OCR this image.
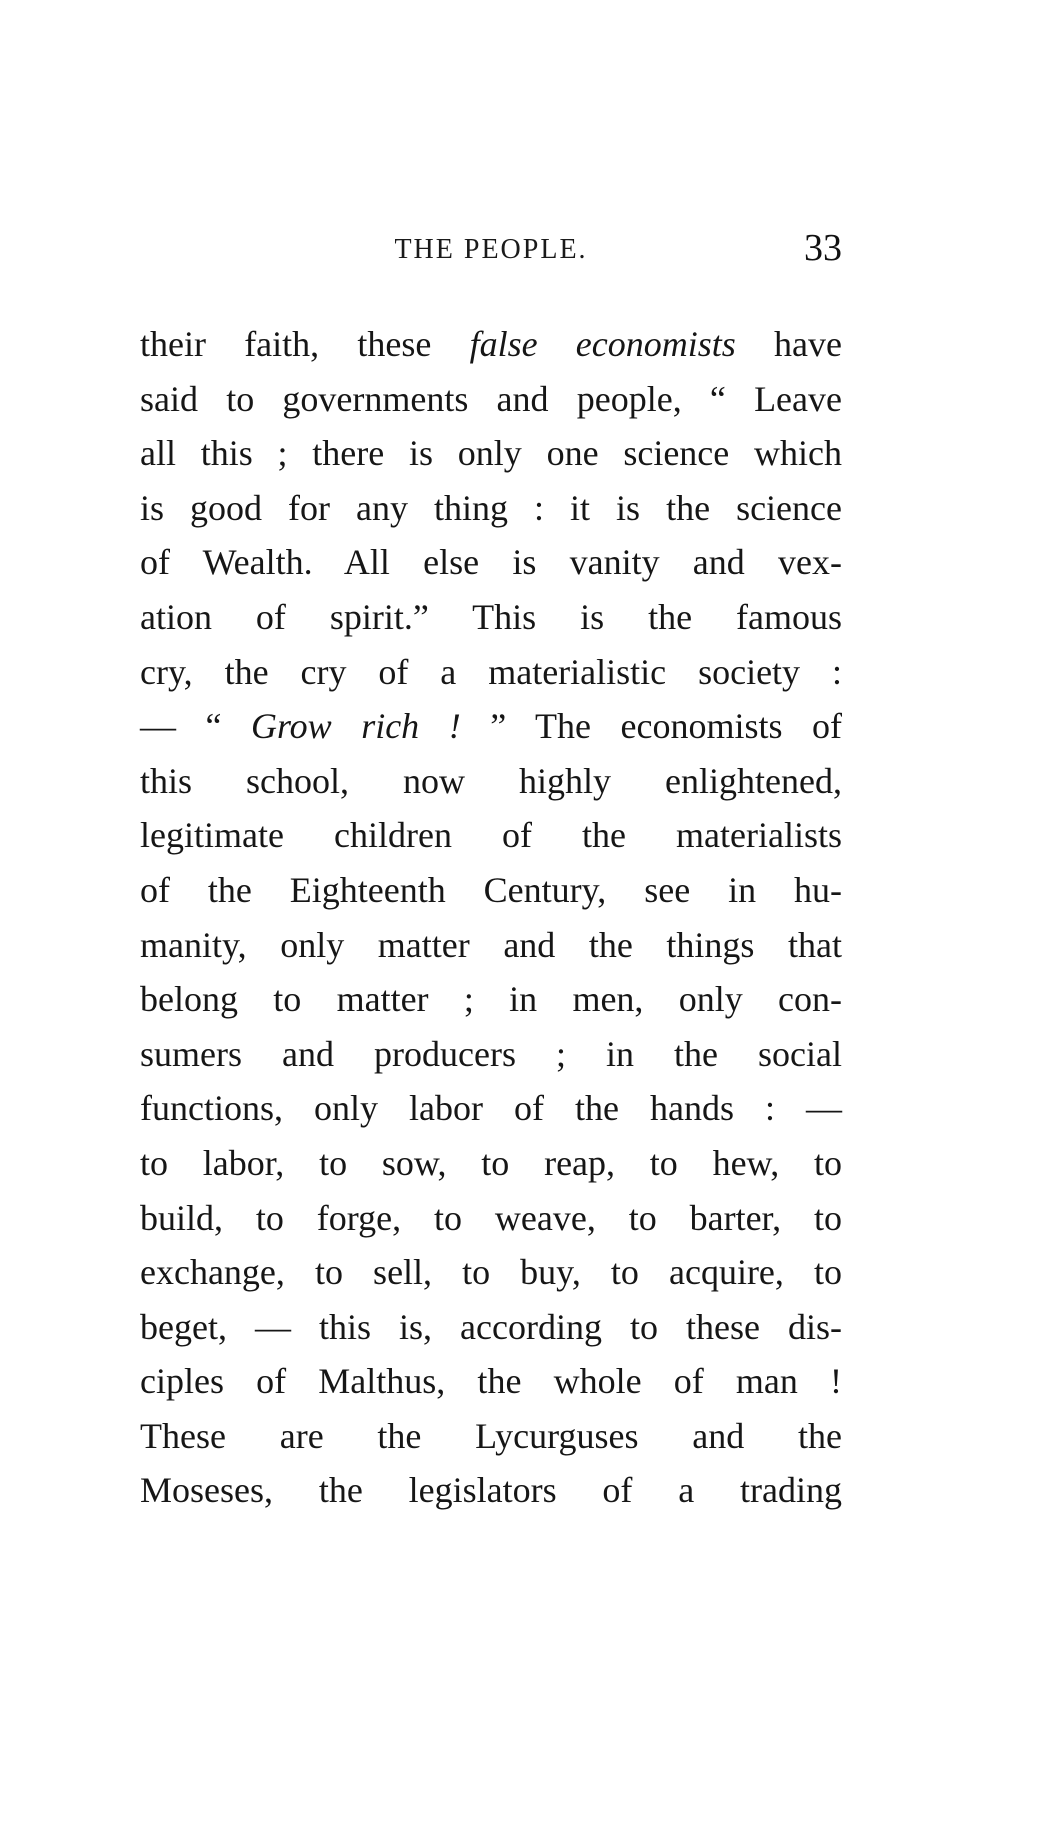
THE PEOPLE.	33
their faith, these false economists have
said to governments and people, “ Leave
all this ; there is only one science which
is good for any thing : it is the science
of Wealth. All else is vanity and vex-
ation of spirit.” This is the famous
cry, the cry of a materialistic society :
— “ Grow rich ! ” The economists of
this school, now highly enlightened,
legitimate children of the materialists
of the Eighteenth Century, see in hu-
manity, only matter and the things that
belong to matter ; in men, only con-
sumers and producers ; in the social
functions, only labor of the hands : —
to labor, to sow, to reap, to hew, to
build, to forge, to weave, to barter, to
exchange, to sell, to buy, to acquire, to
beget, — this is, according to these dis-
ciples of Malthus, the whole of man !
These are the Lycurguses and the
Moseses, the legislators of a trading
